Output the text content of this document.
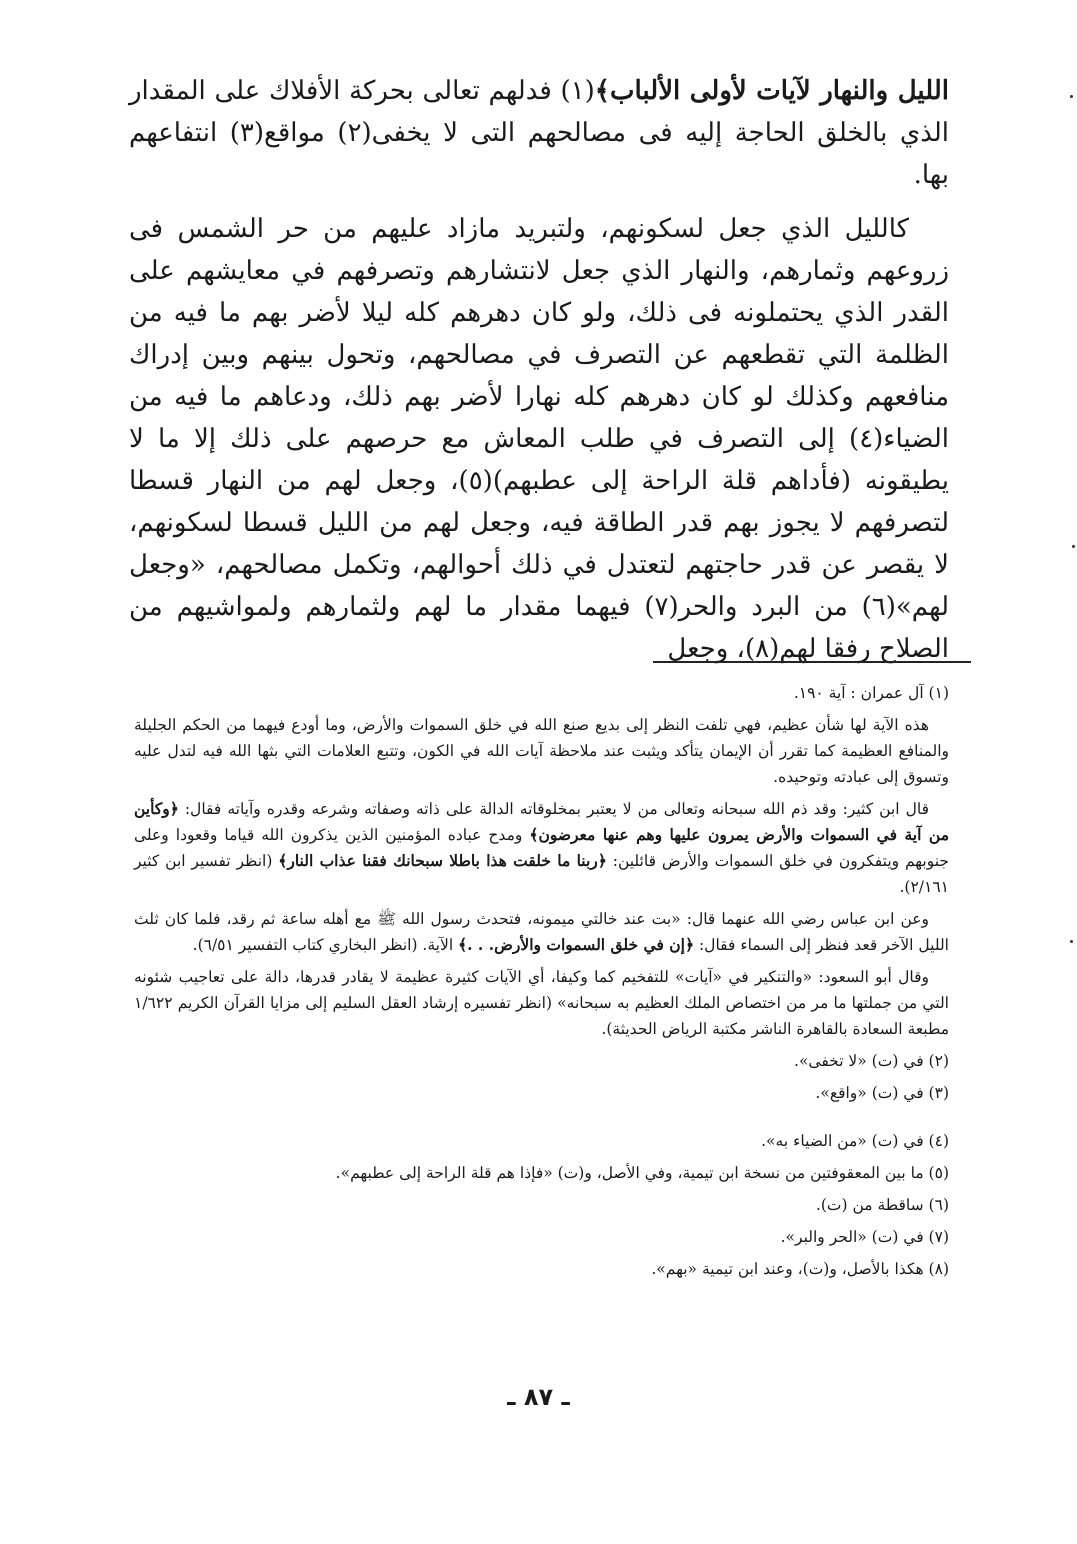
الليل والنهار لآيات لأولى الألباب﴾(١) فدلهم تعالى بحركة الأفلاك على المقدار الذي بالخلق الحاجة إليه فى مصالحهم التى لا يخفى(٢) مواقع(٣) انتفاعهم بها.

كالليل الذي جعل لسكونهم، ولتبريد مازاد عليهم من حر الشمس فى زروعهم وثمارهم، والنهار الذي جعل لانتشارهم وتصرفهم في معايشهم على القدر الذي يحتملونه فى ذلك، ولو كان دهرهم كله ليلا لأضر بهم ما فيه من الظلمة التي تقطعهم عن التصرف في مصالحهم، وتحول بينهم وبين إدراك منافعهم وكذلك لو كان دهرهم كله نهارا لأضر بهم ذلك، ودعاهم ما فيه من الضياء(٤) إلى التصرف في طلب المعاش مع حرصهم على ذلك إلا ما لا يطيقونه (فأداهم قلة الراحة إلى عطبهم)(٥)، وجعل لهم من النهار قسطا لتصرفهم لا يجوز بهم قدر الطاقة فيه، وجعل لهم من الليل قسطا لسكونهم، لا يقصر عن قدر حاجتهم لتعتدل في ذلك أحوالهم، وتكمل مصالحهم، «وجعل لهم»(٦) من البرد والحر(٧) فيهما مقدار ما لهم ولثمارهم ولمواشيهم من الصلاح رفقا لهم(٨)، وجعل

(١) آل عمران : آية ١٩٠.

هذه الآية لها شأن عظيم، فهي تلفت النظر إلى بديع صنع الله في خلق السموات والأرض، وما أودع فيهما من الحكم الجليلة والمنافع العظيمة كما تقرر أن الإيمان يتأكد ويثبت عند ملاحظة آيات الله في الكون، وتتبع العلامات التي بثها الله فيه لتدل عليه وتسوق إلى عبادته وتوحيده.

قال ابن كثير: وقد ذم الله سبحانه وتعالى من لا يعتبر بمخلوقاته الدالة على ذاته وصفاته وشرعه وقدره وآياته فقال: ﴿وكأين من آية في السموات والأرض يمرون عليها وهم عنها معرضون﴾ ومدح عباده المؤمنين الذين يذكرون الله قياما وقعودا وعلى جنوبهم ويتفكرون في خلق السموات والأرض قائلين: ﴿ربنا ما خلقت هذا باطلا سبحانك فقنا عذاب النار﴾ (انظر تفسير ابن كثير ٢/١٦١).

وعن ابن عباس رضي الله عنهما قال: «بت عند خالتي ميمونه، فتحدث رسول الله ﷺ مع أهله ساعة ثم رقد، فلما كان ثلث الليل الآخر قعد فنظر إلى السماء فقال: ﴿إن في خلق السموات والأرض. . .﴾ الآية. (انظر البخاري كتاب التفسير ٦/٥١).

وقال أبو السعود: «والتنكير في «آيات» للتفخيم كما وكيفا، أي الآيات كثيرة عظيمة لا يقادر قدرها، دالة على تعاجيب شئونه التي من جملتها ما مر من اختصاص الملك العظيم به سبحانه» (انظر تفسيره إرشاد العقل السليم إلى مزايا القرآن الكريم ١/٦٢٢ مطبعة السعادة بالقاهرة الناشر مكتبة الرياض الحديثة).

(٢) في (ت) «لا تخفى».

(٣) في (ت) «واقع».

(٤) في (ت) «من الضياء به».

(٥) ما بين المعقوفتين من نسخة ابن تيمية، وفي الأصل، و(ت) «فإذا هم قلة الراحة إلى عطبهم».

(٦) ساقطة من (ت).

(٧) في (ت) «الحر والبر».

(٨) هكذا بالأصل، و(ت)، وعند ابن تيمية «بهم».

ـ ٨٧ ـ
